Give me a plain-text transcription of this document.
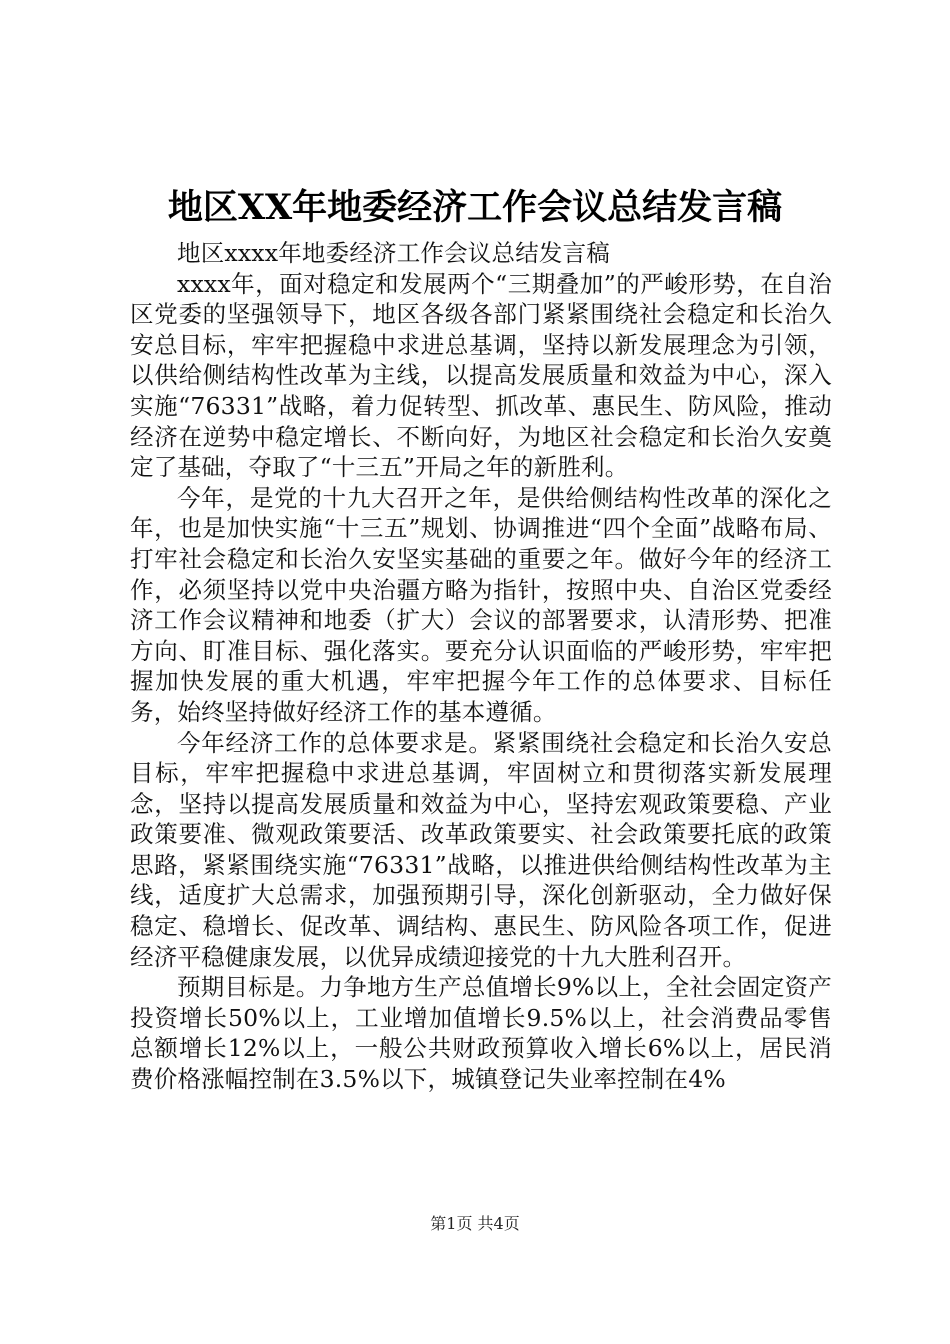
地区XX年地委经济工作会议总结发言稿

地区xxxx年地委经济工作会议总结发言稿

xxxx年，面对稳定和发展两个“三期叠加”的严峻形势，在自治区党委的坚强领导下，地区各级各部门紧紧围绕社会稳定和长治久安总目标，牢牢把握稳中求进总基调，坚持以新发展理念为引领，以供给侧结构性改革为主线，以提高发展质量和效益为中心，深入实施“76331”战略，着力促转型、抓改革、惠民生、防风险，推动经济在逆势中稳定增长、不断向好，为地区社会稳定和长治久安奠定了基础，夺取了“十三五”开局之年的新胜利。

今年，是党的十九大召开之年，是供给侧结构性改革的深化之年，也是加快实施“十三五”规划、协调推进“四个全面”战略布局、打牢社会稳定和长治久安坚实基础的重要之年。做好今年的经济工作，必须坚持以党中央治疆方略为指针，按照中央、自治区党委经济工作会议精神和地委（扩大）会议的部署要求，认清形势、把准方向、盯准目标、强化落实。要充分认识面临的严峻形势，牢牢把握加快发展的重大机遇，牢牢把握今年工作的总体要求、目标任务，始终坚持做好经济工作的基本遵循。

今年经济工作的总体要求是。紧紧围绕社会稳定和长治久安总目标，牢牢把握稳中求进总基调，牢固树立和贯彻落实新发展理念，坚持以提高发展质量和效益为中心，坚持宏观政策要稳、产业政策要准、微观政策要活、改革政策要实、社会政策要托底的政策思路，紧紧围绕实施“76331”战略，以推进供给侧结构性改革为主线，适度扩大总需求，加强预期引导，深化创新驱动，全力做好保稳定、稳增长、促改革、调结构、惠民生、防风险各项工作，促进经济平稳健康发展，以优异成绩迎接党的十九大胜利召开。

预期目标是。力争地方生产总值增长9%以上，全社会固定资产投资增长50%以上，工业增加值增长9.5%以上，社会消费品零售总额增长12%以上，一般公共财政预算收入增长6%以上，居民消费价格涨幅控制在3.5%以下，城镇登记失业率控制在4%

第1页 共4页
